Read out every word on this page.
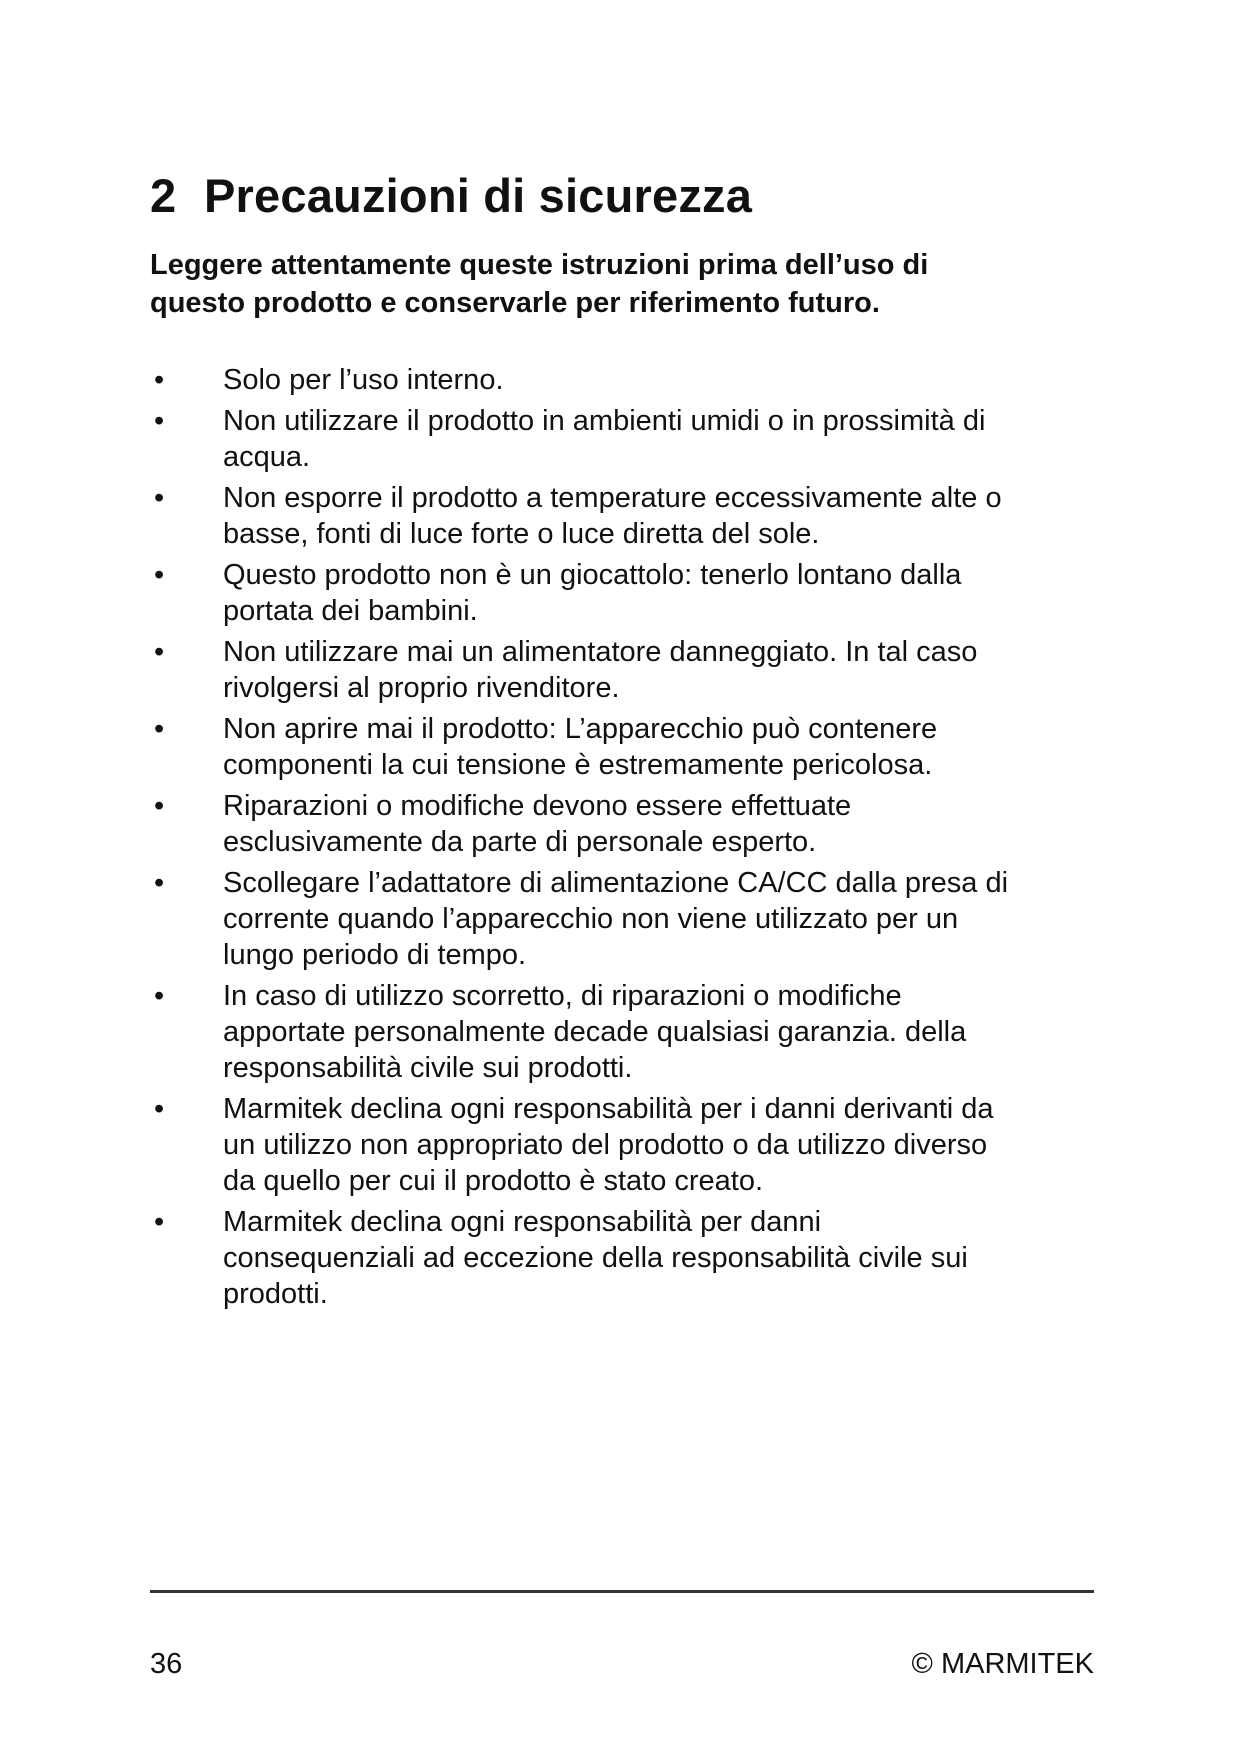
2 Precauzioni di sicurezza
Leggere attentamente queste istruzioni prima dell’uso di
questo prodotto e conservarle per riferimento futuro.
•	Solo per l’uso interno.
•	Non utilizzare il prodotto in ambienti umidi o in prossimità di
acqua.
•	Non esporre il prodotto a temperature eccessivamente alte o
basse, fonti di luce forte o luce diretta del sole.
•	Questo prodotto non è un giocattolo: tenerlo lontano dalla
portata dei bambini.
•	Non utilizzare mai un alimentatore danneggiato. In tal caso
rivolgersi al proprio rivenditore.
•	Non aprire mai il prodotto: L’apparecchio può contenere
componenti la cui tensione è estremamente pericolosa.
•	Riparazioni o modifiche devono essere effettuate
esclusivamente da parte di personale esperto.
•	Scollegare l’adattatore di alimentazione CA/CC dalla presa di
corrente quando l’apparecchio non viene utilizzato per un
lungo periodo di tempo.
•	In caso di utilizzo scorretto, di riparazioni o modifiche
apportate personalmente decade qualsiasi garanzia. della
responsabilità civile sui prodotti.
•	Marmitek declina ogni responsabilità per i danni derivanti da
un utilizzo non appropriato del prodotto o da utilizzo diverso
da quello per cui il prodotto è stato creato.
•	Marmitek declina ogni responsabilità per danni
consequenziali ad eccezione della responsabilità civile sui
prodotti.
36	© MARMITEK
